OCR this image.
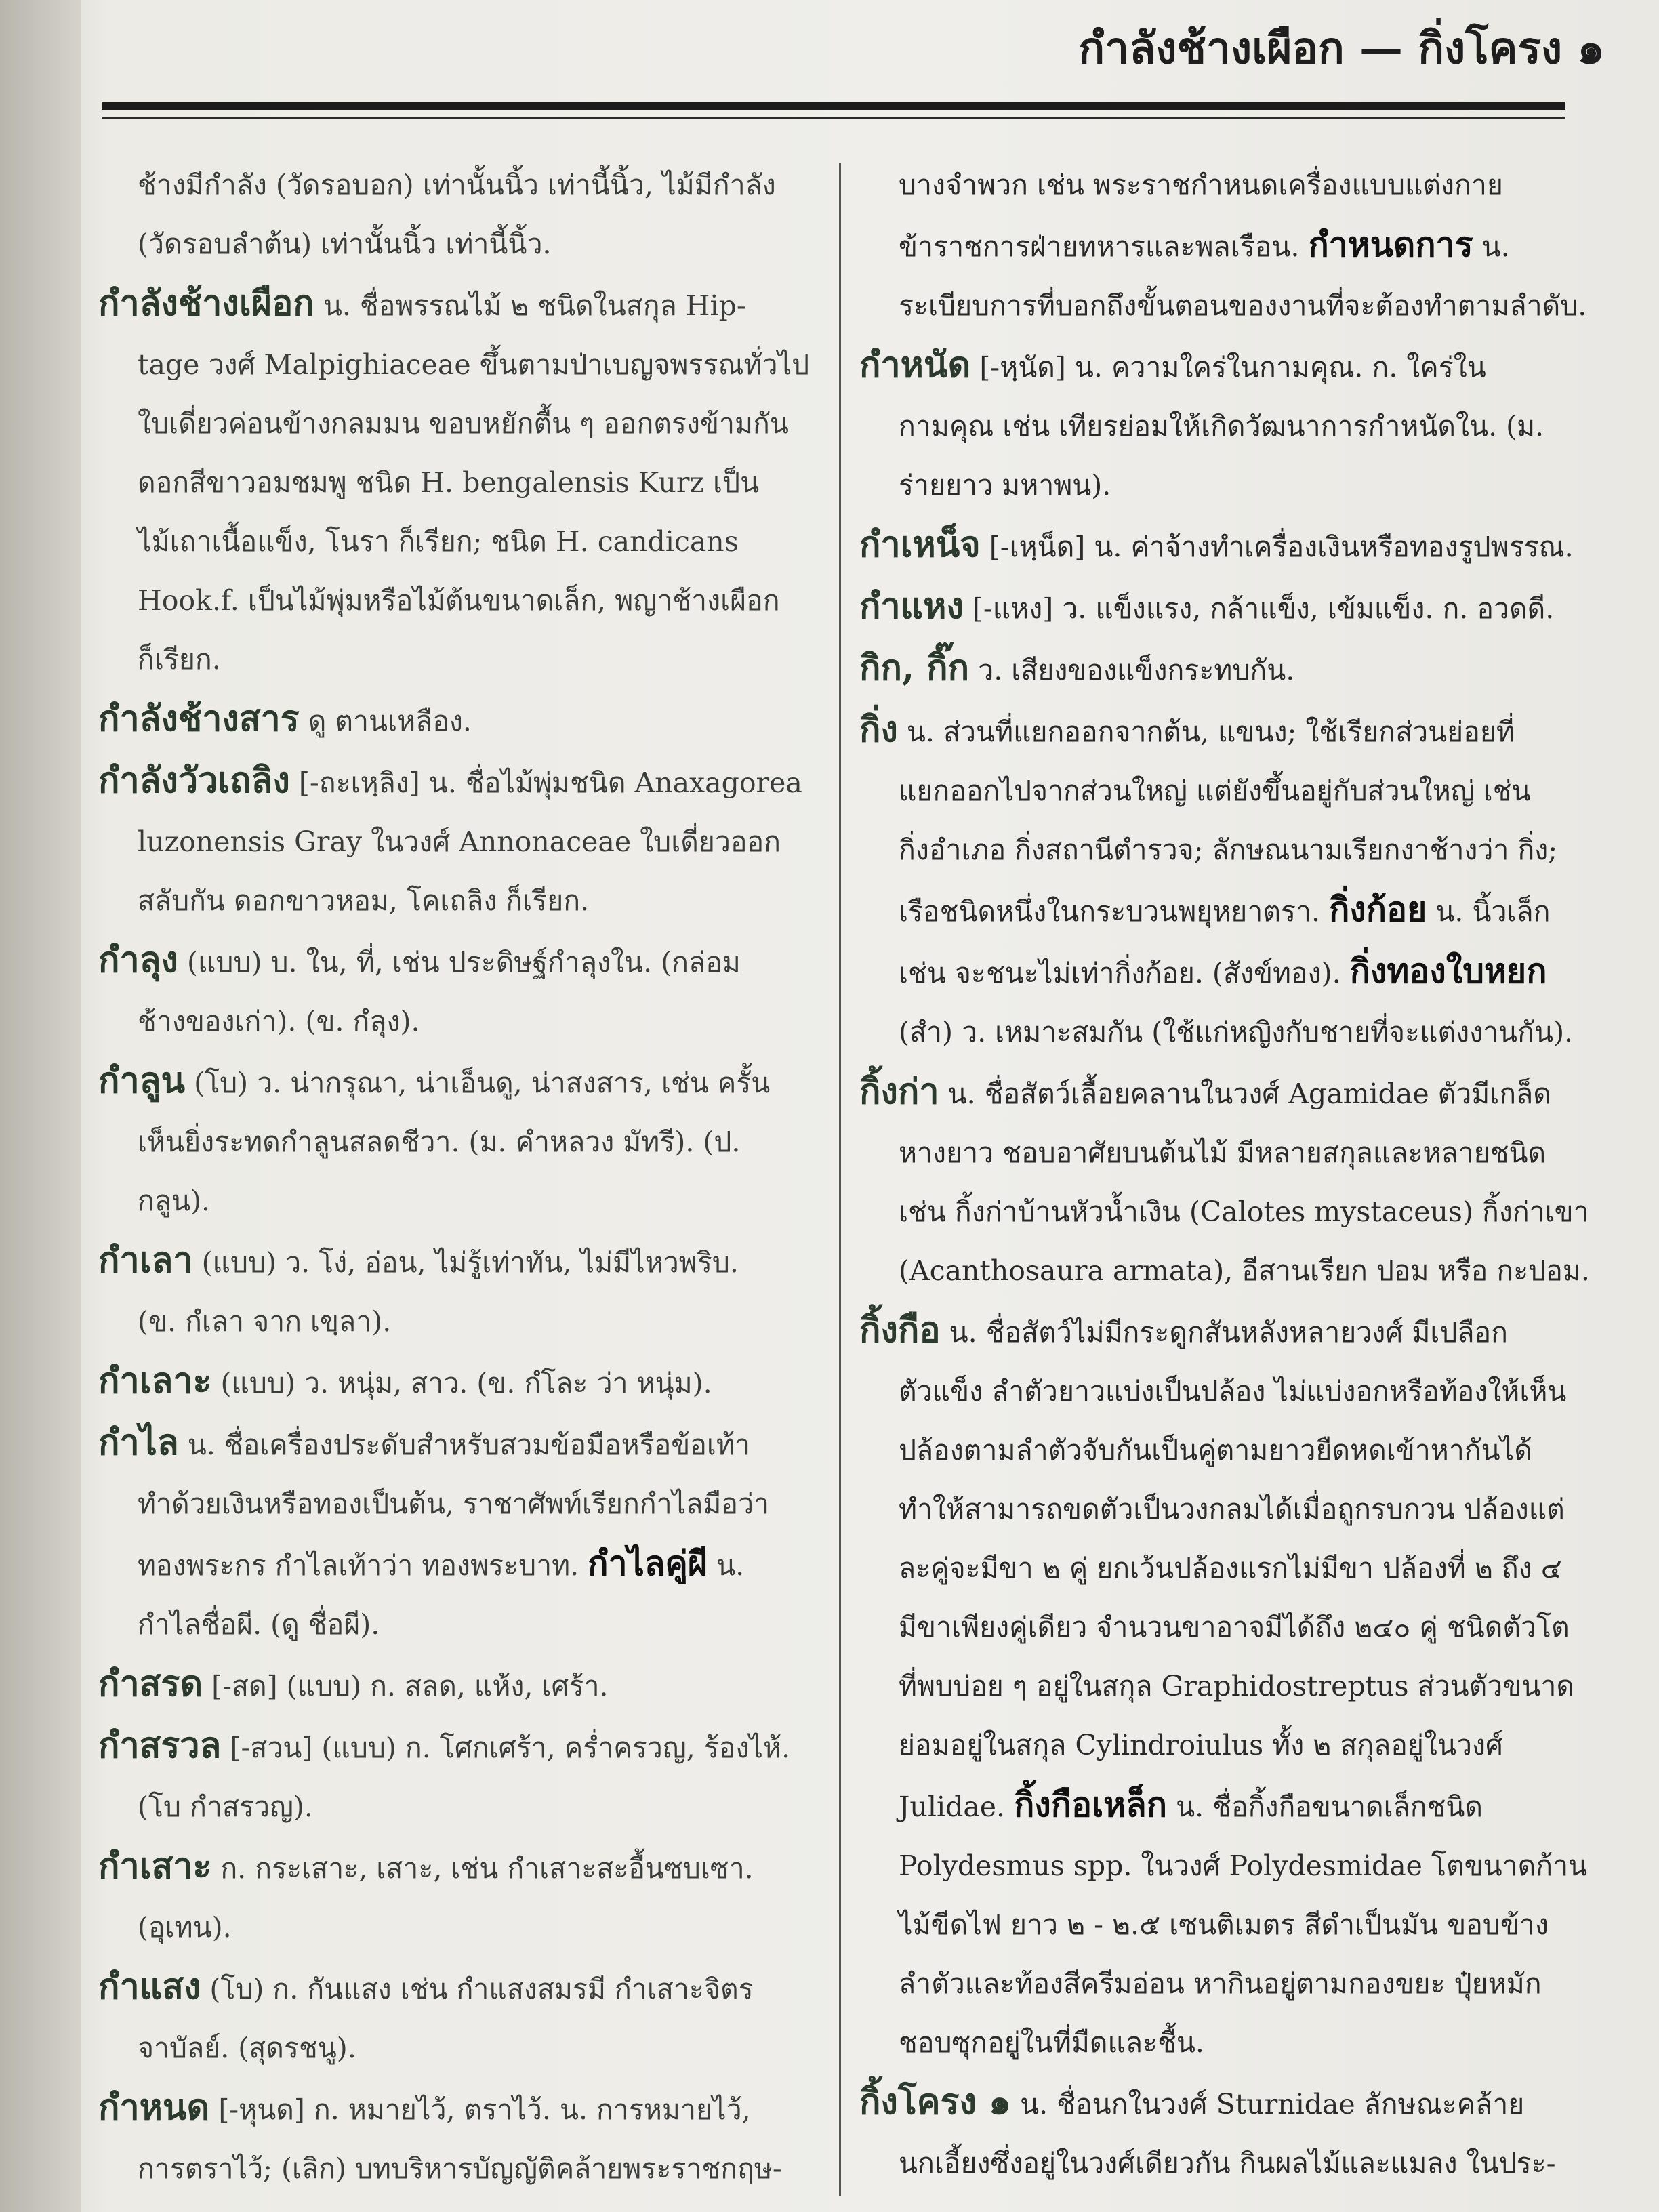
กำลังช้างเผือก — กิ่งโครง ๑
ช้างมีกำลัง (วัดรอบอก) เท่านั้นนิ้ว เท่านี้นิ้ว, ไม้มีกำลัง
(วัดรอบลำต้น) เท่านั้นนิ้ว เท่านี้นิ้ว.
กำลังช้างเผือก น. ชื่อพรรณไม้ ๒ ชนิดในสกุล Hip-
tage วงศ์ Malpighiaceae ขึ้นตามป่าเบญจพรรณทั่วไป
ใบเดี่ยวค่อนข้างกลมมน ขอบหยักตื้น ๆ ออกตรงข้ามกัน
ดอกสีขาวอมชมพู ชนิด H. bengalensis Kurz เป็น
ไม้เถาเนื้อแข็ง, โนรา ก็เรียก; ชนิด H. candicans
Hook.f. เป็นไม้พุ่มหรือไม้ต้นขนาดเล็ก, พญาช้างเผือก
ก็เรียก.
กำลังช้างสาร ดู ตานเหลือง.
กำลังวัวเถลิง [-ถะเหฺลิง] น. ชื่อไม้พุ่มชนิด Anaxagorea
luzonensis Gray ในวงศ์ Annonaceae ใบเดี่ยวออก
สลับกัน ดอกขาวหอม, โคเถลิง ก็เรียก.
กำลุง (แบบ) บ. ใน, ที่, เช่น ประดิษฐ์กำลุงใน. (กล่อม
ช้างของเก่า). (ข. กํลุง).
กำลูน (โบ) ว. น่ากรุณา, น่าเอ็นดู, น่าสงสาร, เช่น ครั้น
เห็นยิ่งระทดกำลูนสลดชีวา. (ม. คำหลวง มัทรี). (ป.
กลูน).
กำเลา (แบบ) ว. โง่, อ่อน, ไม่รู้เท่าทัน, ไม่มีไหวพริบ.
(ข. กํเลา จาก เขฺลา).
กำเลาะ (แบบ) ว. หนุ่ม, สาว. (ข. กํโละ ว่า หนุ่ม).
กำไล น. ชื่อเครื่องประดับสำหรับสวมข้อมือหรือข้อเท้า
ทำด้วยเงินหรือทองเป็นต้น, ราชาศัพท์เรียกกำไลมือว่า
ทองพระกร กำไลเท้าว่า ทองพระบาท. กำไลคู่ผี น.
กำไลชื่อผี. (ดู ชื่อผี).
กำสรด [-สด] (แบบ) ก. สลด, แห้ง, เศร้า.
กำสรวล [-สวน] (แบบ) ก. โศกเศร้า, คร่ำครวญ, ร้องไห้.
(โบ กำสรวญ).
กำเสาะ ก. กระเสาะ, เสาะ, เช่น กำเสาะสะอื้นซบเซา.
(อุเทน).
กำแสง (โบ) ก. กันแสง เช่น กำแสงสมรมี กำเสาะจิตร
จาบัลย์. (สุดรชนู).
กำหนด [-หุนด] ก. หมายไว้, ตราไว้. น. การหมายไว้,
การตราไว้; (เลิก) บทบริหารบัญญัติคล้ายพระราชกฤษ-
บางจำพวก เช่น พระราชกำหนดเครื่องแบบแต่งกาย
ข้าราชการฝ่ายทหารและพลเรือน. กำหนดการ น.
ระเบียบการที่บอกถึงขั้นตอนของงานที่จะต้องทำตามลำดับ.
กำหนัด [-หฺนัด] น. ความใคร่ในกามคุณ. ก. ใคร่ใน
กามคุณ เช่น เทียรย่อมให้เกิดวัฒนาการกำหนัดใน. (ม.
ร่ายยาว มหาพน).
กำเหน็จ [-เหฺน็ด] น. ค่าจ้างทำเครื่องเงินหรือทองรูปพรรณ.
กำแหง [-แหง] ว. แข็งแรง, กล้าแข็ง, เข้มแข็ง. ก. อวดดี.
กิก, กิ๊ก ว. เสียงของแข็งกระทบกัน.
กิ่ง น. ส่วนที่แยกออกจากต้น, แขนง; ใช้เรียกส่วนย่อยที่
แยกออกไปจากส่วนใหญ่ แต่ยังขึ้นอยู่กับส่วนใหญ่ เช่น
กิ่งอำเภอ กิ่งสถานีตำรวจ; ลักษณนามเรียกงาช้างว่า กิ่ง;
เรือชนิดหนึ่งในกระบวนพยุหยาตรา. กิ่งก้อย น. นิ้วเล็ก
เช่น จะชนะไม่เท่ากิ่งก้อย. (สังข์ทอง). กิ่งทองใบหยก
(สำ) ว. เหมาะสมกัน (ใช้แก่หญิงกับชายที่จะแต่งงานกัน).
กิ้งก่า น. ชื่อสัตว์เลื้อยคลานในวงศ์ Agamidae ตัวมีเกล็ด
หางยาว ชอบอาศัยบนต้นไม้ มีหลายสกุลและหลายชนิด
เช่น กิ้งก่าบ้านหัวน้ำเงิน (Calotes mystaceus) กิ้งก่าเขา
(Acanthosaura armata), อีสานเรียก ปอม หรือ กะปอม.
กิ้งกือ น. ชื่อสัตว์ไม่มีกระดูกสันหลังหลายวงศ์ มีเปลือก
ตัวแข็ง ลำตัวยาวแบ่งเป็นปล้อง ไม่แบ่งอกหรือท้องให้เห็น
ปล้องตามลำตัวจับกันเป็นคู่ตามยาวยืดหดเข้าหากันได้
ทำให้สามารถขดตัวเป็นวงกลมได้เมื่อถูกรบกวน ปล้องแต่
ละคู่จะมีขา ๒ คู่ ยกเว้นปล้องแรกไม่มีขา ปล้องที่ ๒ ถึง ๔
มีขาเพียงคู่เดียว จำนวนขาอาจมีได้ถึง ๒๔๐ คู่ ชนิดตัวโต
ที่พบบ่อย ๆ อยู่ในสกุล Graphidostreptus ส่วนตัวขนาด
ย่อมอยู่ในสกุล Cylindroiulus ทั้ง ๒ สกุลอยู่ในวงศ์
Julidae. กิ้งกือเหล็ก น. ชื่อกิ้งกือขนาดเล็กชนิด
Polydesmus spp. ในวงศ์ Polydesmidae โตขนาดก้าน
ไม้ขีดไฟ ยาว ๒ - ๒.๕ เซนติเมตร สีดำเป็นมัน ขอบข้าง
ลำตัวและท้องสีครีมอ่อน หากินอยู่ตามกองขยะ ปุ๋ยหมัก
ชอบซุกอยู่ในที่มืดและชื้น.
กิ้งโครง ๑ น. ชื่อนกในวงศ์ Sturnidae ลักษณะคล้าย
นกเอี้ยงซึ่งอยู่ในวงศ์เดียวกัน กินผลไม้และแมลง ในประ-
